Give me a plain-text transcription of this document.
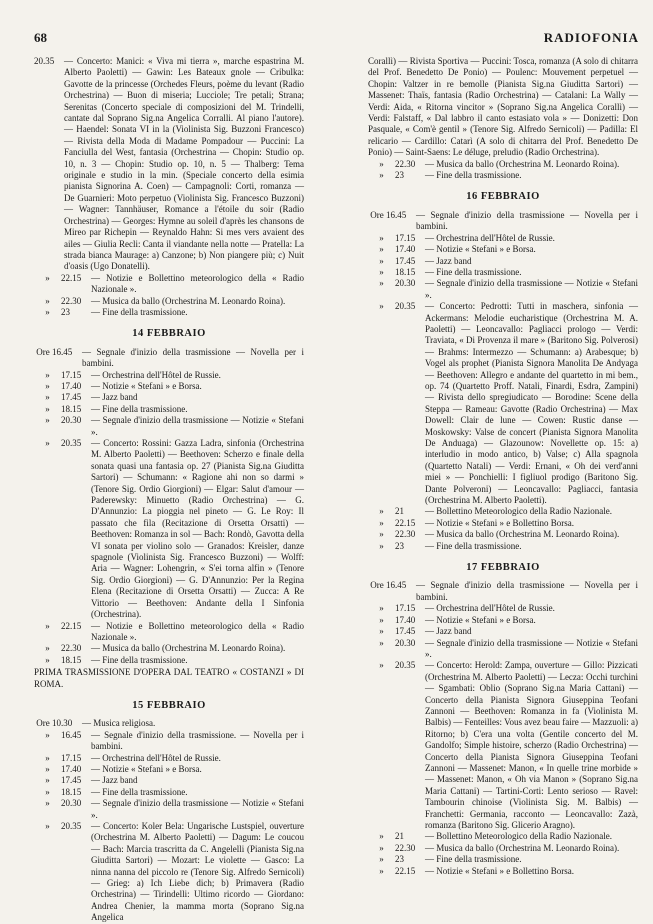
68	RADIOFONIA
20.35	— Concerto: Manici: « Viva mi tierra », marche espastrina M. Alberto Paoletti) — Gawin: Les Bateaux gnole — Cribulka: Gavotte de la princesse (Orchedes Fleurs, poème du levant (Radio Orchestrina) — Buon di miseria; Lucciole; Tre petali; Strana; Serenitas (Concerto speciale di composizioni del M. Trindelli, cantate dal Soprano Sig.na Angelica Corralli. Al piano l'autore). — Haendel: Sonata VI in la (Violinista Sig. Buzzoni Francesco) — Rivista della Moda di Madame Pompadour — Puccini: La Fanciulla del West, fantasia (Orchestrina — Chopin: Studio op. 10, n. 3 — Chopin: Studio op. 10, n. 5 — Thalberg: Tema originale e studio in la min. (Speciale concerto della esimia pianista Signorina A. Coen) — Campagnoli: Corti, romanza — De Guarnieri: Moto perpetuo (Violinista Sig. Francesco Buzzoni) — Wagner: Tannhäuser, Romance a l'étoile du soir (Radio Orchestrina) — Georges: Hymne au soleil d'après les chansons de Mireo par Richepin — Reynaldo Hahn: Si mes vers avaient des ailes — Giulia Recli: Canta il viandante nella notte — Pratella: La strada bianca Maurage: a) Canzone; b) Non piangere più; c) Nuit d'oasis (Ugo Donatelli).
»	22.15	— Notizie e Bollettino meteorologico della « Radio Nazionale ».
»	22.30	— Musica da ballo (Orchestrina M. Leonardo Roina).
»	23	— Fine della trasmissione.
14 FEBBRAIO
Ore 16.45	— Segnale d'inizio della trasmissione — Novella per i bambini.
»	17.15	— Orchestrina dell'Hôtel de Russie.
»	17.40	— Notizie « Stefani » e Borsa.
»	17.45	— Jazz band
»	18.15	— Fine della trasmissione.
»	20.30	— Segnale d'inizio della trasmissione — Notizie « Stefani ».
»	20.35	— Concerto: Rossini: Gazza Ladra, sinfonia (Orchestrina M. Alberto Paoletti) — Beethoven: Scherzo e finale della sonata quasi una fantasia op. 27 (Pianista Sig.na Giuditta Sartori) — Schumann: « Ragione ahi non so darmi » (Tenore Sig. Ordio Giorgioni) — Elgar: Salut d'amour — Paderewsky: Minuetto (Radio Orchestrina) — G. D'Annunzio: La pioggia nel pineto — G. Le Roy: Il passato che fila (Recitazione di Orsetta Orsatti) — Beethoven: Romanza in sol — Bach: Rondò, Gavotta della VI sonata per violino solo — Granados: Kreisler, danze spagnole (Violinista Sig. Francesco Buzzoni) — Wolff: Aria — Wagner: Lohengrin, « S'ei torna alfin » (Tenore Sig. Ordio Giorgioni) — G. D'Annunzio: Per la Regina Elena (Recitazione di Orsetta Orsatti) — Zucca: A Re Vittorio — Beethoven: Andante della I Sinfonia (Orchestrina).
»	22.15	— Notizie e Bollettino meteorologico della « Radio Nazionale ».
»	22.30	— Musica da ballo (Orchestrina M. Leonardo Roina).
»	18.15	— Fine della trasmissione.
PRIMA TRASMISSIONE D'OPERA DAL TEATRO « COSTANZI » DI ROMA.
15 FEBBRAIO
Ore 10.30	— Musica religiosa.
»	16.45	— Segnale d'inizio della trasmissione. — Novella per i bambini.
»	17.15	— Orchestrina dell'Hôtel de Russie.
»	17.40	— Notizie « Stefani » e Borsa.
»	17.45	— Jazz band
»	18.15	— Fine della trasmissione.
»	20.30	— Segnale d'inizio della trasmissione — Notizie « Stefani ».
»	20.35	— Concerto: Koler Bela: Ungarische Lustspiel, ouverture (Orchestrina M. Alberto Paoletti) — Dagum: Le coucou — Bach: Marcia trascritta da C. Angelelli (Pianista Sig.na Giuditta Sartori) — Mozart: Le violette — Gasco: La ninna nanna del piccolo re (Tenore Sig. Alfredo Sernicoli) — Grieg: a) Ich Liebe dich; b) Primavera (Radio Orchestrina) — Tirindelli: Ultimo ricordo — Giordano: Andrea Chenier, la mamma morta (Soprano Sig.na Angelica
Corallì) — Rivista Sportiva — Puccini: Tosca, romanza (A solo di chitarra del Prof. Benedetto De Ponio) — Poulenc: Mouvement perpetuel — Chopin: Valtzer in re bemolle (Pianista Sig.na Giuditta Sartori) — Massenet: Thaïs, fantasia (Radio Orchestrina) — Catalani: La Wally — Verdi: Aida, « Ritorna vincitor » (Soprano Sig.na Angelica Corallì) — Verdi: Falstaff, « Dal labbro il canto estasiato vola » — Donizetti: Don Pasquale, « Com'è gentil » (Tenore Sig. Alfredo Sernicoli) — Padilla: El relicario — Cardillo: Catarì (A solo di chitarra del Prof. Benedetto De Ponio) — Saint-Saens: Le déluge, preludio (Radio Orchestrina).
»	22.30	— Musica da ballo (Orchestrina M. Leonardo Roina).
»	23	— Fine della trasmissione.
16 FEBBRAIO
Ore 16.45	— Segnale d'inizio della trasmissione — Novella per i bambini.
»	17.15	— Orchestrina dell'Hôtel de Russie.
»	17.40	— Notizie « Stefani » e Borsa.
»	17.45	— Jazz band
»	18.15	— Fine della trasmissione.
»	20.30	— Segnale d'inizio della trasmissione — Notizie « Stefani ».
»	20.35	— Concerto: Pedrotti: Tutti in maschera, sinfonia — Ackermans: Melodie eucharistique (Orchestrina M. A. Paoletti) — Leoncavallo: Pagliacci prologo — Verdi: Traviata, « Di Provenza il mare » (Baritono Sig. Polverosi) — Brahms: Intermezzo — Schumann: a) Arabesque; b) Vogel als prophet (Pianista Signora Manolita De Andyaga — Beethoven: Allegro e andante del quartetto in mi bem., op. 74 (Quartetto Proff. Natali, Finardi, Esdra, Zampini) — Rivista dello spregiudicato — Borodine: Scene della Steppa — Rameau: Gavotte (Radio Orchestrina) — Max Dowell: Clair de lune — Cowen: Rustic danse — Moskowsky: Valse de concert (Pianista Signora Manolita De Anduaga) — Glazounow: Novellette op. 15: a) interludio in modo antico, b) Valse; c) Alla spagnola (Quartetto Natali) — Verdi: Ernani, « Oh dei verd'anni miei » — Ponchielli: I figliuol prodigo (Baritono Sig. Dante Polveroni) — Leoncavallo: Pagliacci, fantasia (Orchestrina M. Alberto Paoletti).
»	21	— Bollettino Meteorologico della Radio Nazionale.
»	22.15	— Notizie « Stefani » e Bollettino Borsa.
»	22.30	— Musica da ballo (Orchestrina M. Leonardo Roina).
»	23	— Fine della trasmissione.
17 FEBBRAIO
Ore 16.45	— Segnale d'inizio della trasmissione — Novella per i bambini.
»	17.15	— Orchestrina dell'Hôtel de Russie.
»	17.40	— Notizie « Stefani » e Borsa.
»	17.45	— Jazz band
»	20.30	— Segnale d'inizio della trasmissione — Notizie « Stefani ».
»	20.35	— Concerto: Herold: Zampa, ouverture — Gillo: Pizzicati (Orchestrina M. Alberto Paoletti) — Lecza: Occhi turchini — Sgambati: Oblio (Soprano Sig.na Maria Cattani) — Concerto della Pianista Signora Giuseppina Teofani Zannoni — Beethoven: Romanza in fa (Violinista M. Balbis) — Fenteilles: Vous avez beau faire — Mazzuoli: a) Ritorno; b) C'era una volta (Gentile concerto del M. Gandolfo; Simple histoire, scherzo (Radio Orchestrina) — Concerto della Pianista Signora Giuseppina Teofani Zannoni — Massenet: Manon, « In quelle trine morbide » — Massenet: Manon, « Oh via Manon » (Soprano Sig.na Maria Cattani) — Tartini-Corti: Lento serioso — Ravel: Tambourin chinoise (Violinista Sig. M. Balbis) — Franchetti: Germania, racconto — Leoncavallo: Zazà, romanza (Baritono Sig. Glicerio Aragno).
»	21	— Bollettino Meteorologico della Radio Nazionale.
»	22.30	— Musica da ballo (Orchestrina M. Leonardo Roina).
»	23	— Fine della trasmissione.
»	22.15	— Notizie « Stefani » e Bollettino Borsa.
